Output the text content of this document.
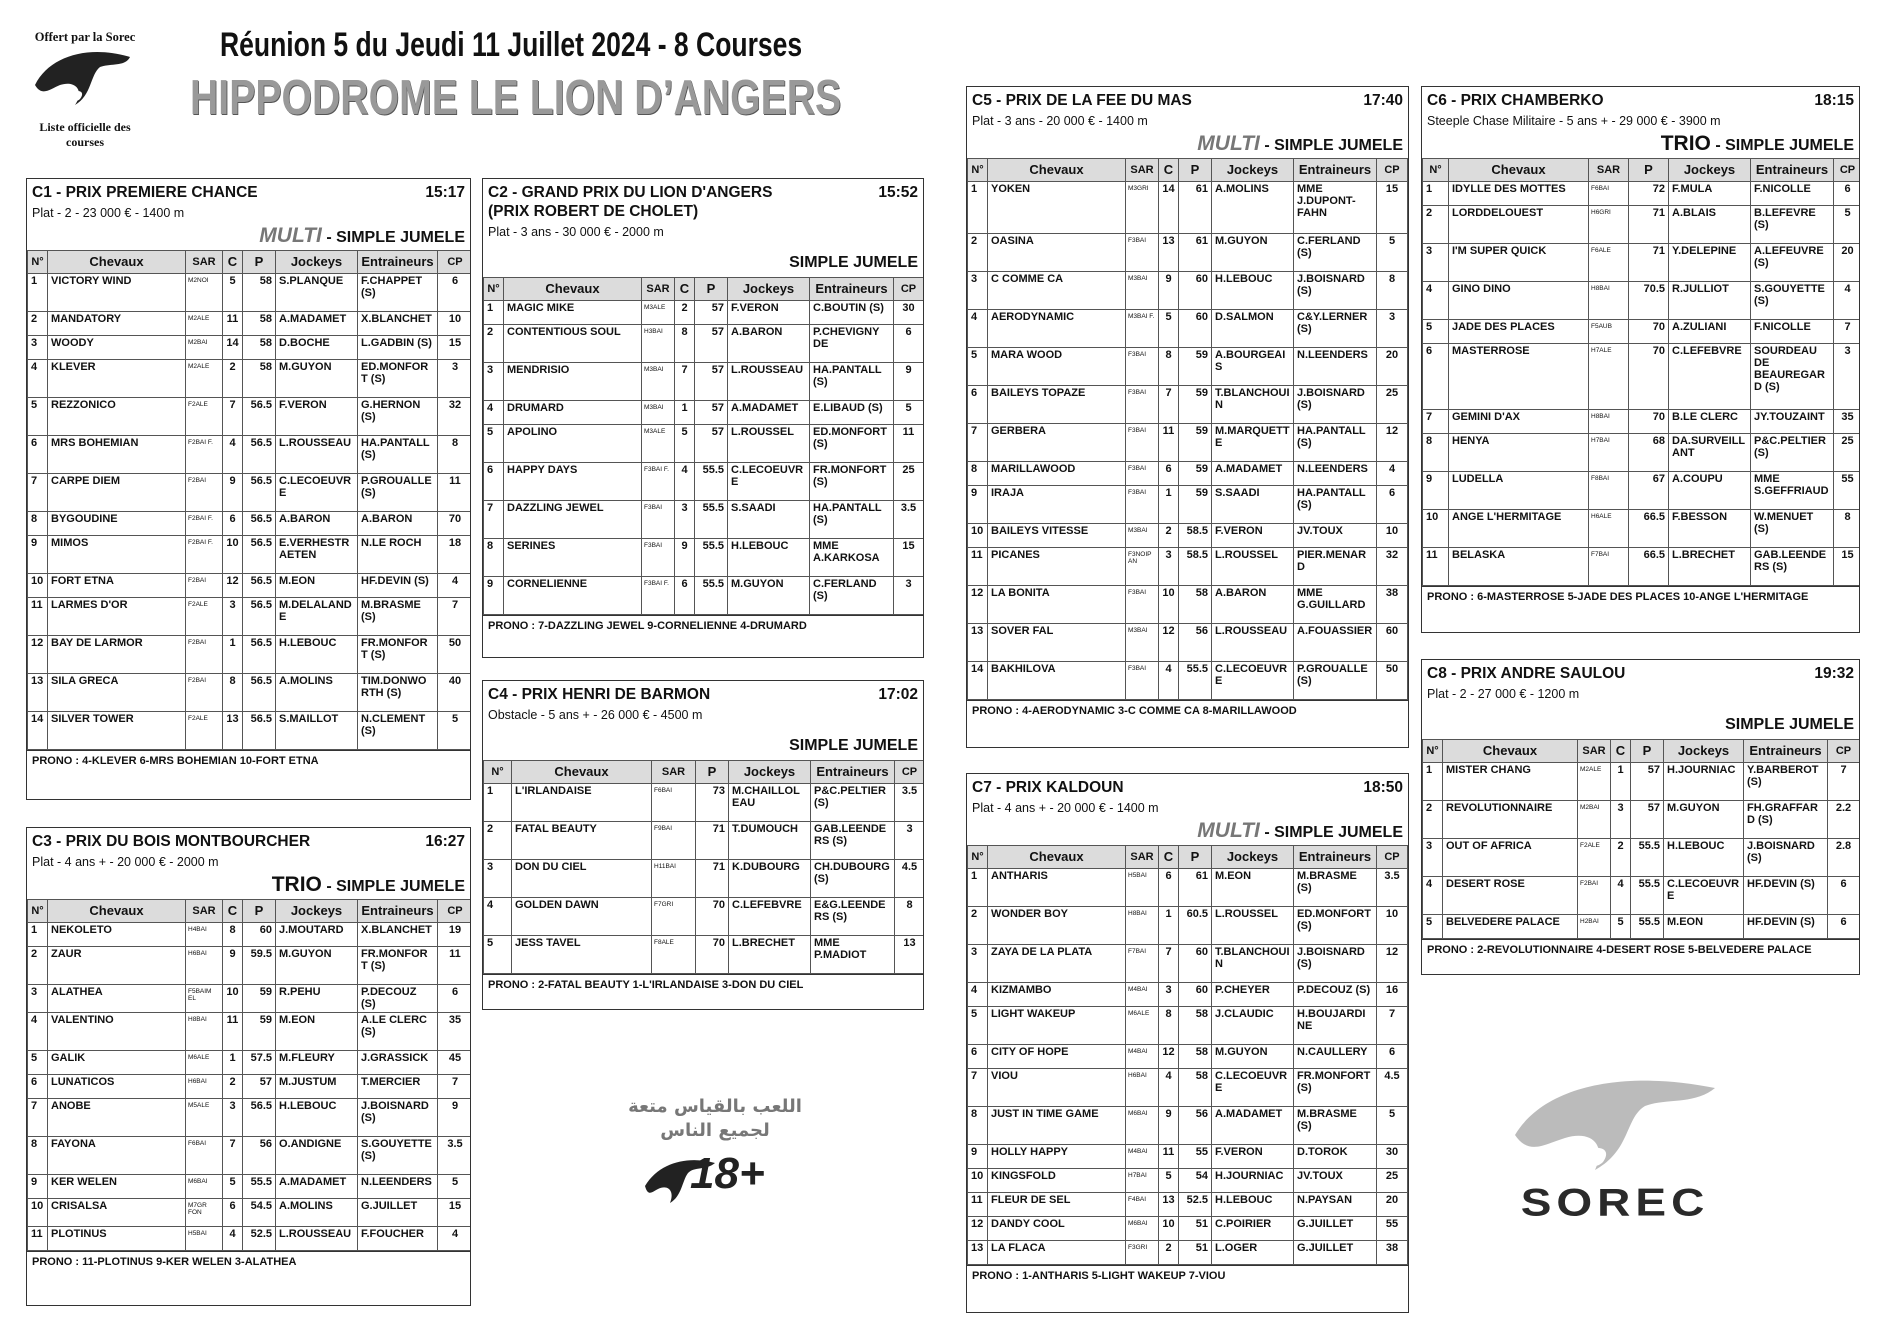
Offert par la Sorec
Liste officielle des courses
Réunion 5 du Jeudi 11 Juillet 2024 - 8 Courses
HIPPODROME LE LION D’ANGERS
C1 - PRIX PREMIERE CHANCE	15:17
Plat - 2 - 23 000 € - 1400 m
MULTI - SIMPLE JUMELE
N°	Chevaux	SAR	C	P	Jockeys	Entraineurs	CP
1	VICTORY WIND	M2NOI	5	58	S.PLANQUE	F.CHAPPET (S)	6
2	MANDATORY	M2ALE	11	58	A.MADAMET	X.BLANCHET	10
3	WOODY	M2BAI	14	58	D.BOCHE	L.GADBIN (S)	15
4	KLEVER	M2ALE	2	58	M.GUYON	ED.MONFORT (S)	3
5	REZZONICO	F2ALE	7	56.5	F.VERON	G.HERNON (S)	32
6	MRS BOHEMIAN	F2BAI F.	4	56.5	L.ROUSSEAU	HA.PANTALL (S)	8
7	CARPE DIEM	F2BAI	9	56.5	C.LECOEUVRE	P.GROUALLE (S)	11
8	BYGOUDINE	F2BAI F.	6	56.5	A.BARON	A.BARON	70
9	MIMOS	F2BAI F.	10	56.5	E.VERHESTRAETEN	N.LE ROCH	18
10	FORT ETNA	F2BAI	12	56.5	M.EON	HF.DEVIN (S)	4
11	LARMES D'OR	F2ALE	3	56.5	M.DELALANDE	M.BRASME (S)	7
12	BAY DE LARMOR	F2BAI	1	56.5	H.LEBOUC	FR.MONFORT (S)	50
13	SILA GRECA	F2BAI	8	56.5	A.MOLINS	TIM.DONWORTH (S)	40
14	SILVER TOWER	F2ALE	13	56.5	S.MAILLOT	N.CLEMENT (S)	5
PRONO : 4-KLEVER 6-MRS BOHEMIAN 10-FORT ETNA
C3 - PRIX DU BOIS MONTBOURCHER	16:27
Plat - 4 ans + - 20 000 € - 2000 m
TRIO - SIMPLE JUMELE
N°	Chevaux	SAR	C	P	Jockeys	Entraineurs	CP
1	NEKOLETO	H4BAI	8	60	J.MOUTARD	X.BLANCHET	19
2	ZAUR	H6BAI	9	59.5	M.GUYON	FR.MONFORT (S)	11
3	ALATHEA	F5BAIM EL	10	59	R.PEHU	P.DECOUZ (S)	6
4	VALENTINO	H8BAI	11	59	M.EON	A.LE CLERC (S)	35
5	GALIK	M6ALE	1	57.5	M.FLEURY	J.GRASSICK	45
6	LUNATICOS	H6BAI	2	57	M.JUSTUM	T.MERCIER	7
7	ANOBE	M5ALE	3	56.5	H.LEBOUC	J.BOISNARD (S)	9
8	FAYONA	F6BAI	7	56	O.ANDIGNE	S.GOUYETTE (S)	3.5
9	KER WELEN	M6BAI	5	55.5	A.MADAMET	N.LEENDERS	5
10	CRISALSA	M7GR FON	6	54.5	A.MOLINS	G.JUILLET	15
11	PLOTINUS	H5BAI	4	52.5	L.ROUSSEAU	F.FOUCHER	4
PRONO : 11-PLOTINUS 9-KER WELEN 3-ALATHEA
C2 - GRAND PRIX DU LION D'ANGERS
(PRIX ROBERT DE CHOLET)
15:52
Plat - 3 ans - 30 000 € - 2000 m
SIMPLE JUMELE
N°	Chevaux	SAR	C	P	Jockeys	Entraineurs	CP
1	MAGIC MIKE	M3ALE	2	57	F.VERON	C.BOUTIN (S)	30
2	CONTENTIOUS SOUL	H3BAI	8	57	A.BARON	P.CHEVIGNY DE	6
3	MENDRISIO	M3BAI	7	57	L.ROUSSEAU	HA.PANTALL (S)	9
4	DRUMARD	M3BAI	1	57	A.MADAMET	E.LIBAUD (S)	5
5	APOLINO	M3ALE	5	57	L.ROUSSEL	ED.MONFORT (S)	11
6	HAPPY DAYS	F3BAI F.	4	55.5	C.LECOEUVRE	FR.MONFORT (S)	25
7	DAZZLING JEWEL	F3BAI	3	55.5	S.SAADI	HA.PANTALL (S)	3.5
8	SERINES	F3BAI	9	55.5	H.LEBOUC	MME A.KARKOSA	15
9	CORNELIENNE	F3BAI F.	6	55.5	M.GUYON	C.FERLAND (S)	3
PRONO : 7-DAZZLING JEWEL 9-CORNELIENNE 4-DRUMARD
C4 - PRIX HENRI DE BARMON	17:02
Obstacle - 5 ans + - 26 000 € - 4500 m
SIMPLE JUMELE
N°	Chevaux	SAR	P	Jockeys	Entraineurs	CP
1	L'IRLANDAISE	F6BAI	73	M.CHAILLOLEAU	P&C.PELTIER (S)	3.5
2	FATAL BEAUTY	F9BAI	71	T.DUMOUCH	GAB.LEENDERS (S)	3
3	DON DU CIEL	H11BAI	71	K.DUBOURG	CH.DUBOURG (S)	4.5
4	GOLDEN DAWN	F7GRI	70	C.LEFEBVRE	E&G.LEENDERS (S)	8
5	JESS TAVEL	F8ALE	70	L.BRECHET	MME P.MADIOT	13
PRONO : 2-FATAL BEAUTY 1-L'IRLANDAISE 3-DON DU CIEL
اللعب بالقياس متعة لجميع الناس
18+
C5 - PRIX DE LA FEE DU MAS	17:40
Plat - 3 ans - 20 000 € - 1400 m
MULTI - SIMPLE JUMELE
N°	Chevaux	SAR	C	P	Jockeys	Entraineurs	CP
1	YOKEN	M3GRI	14	61	A.MOLINS	MME J.DUPONT-FAHN	15
2	OASINA	F3BAI	13	61	M.GUYON	C.FERLAND (S)	5
3	C COMME CA	M3BAI	9	60	H.LEBOUC	J.BOISNARD (S)	8
4	AERODYNAMIC	M3BAI F.	5	60	D.SALMON	C&Y.LERNER (S)	3
5	MARA WOOD	F3BAI	8	59	A.BOURGEAIS	N.LEENDERS	20
6	BAILEYS TOPAZE	F3BAI	7	59	T.BLANCHOUIN	J.BOISNARD (S)	25
7	GERBERA	F3BAI	11	59	M.MARQUETTE	HA.PANTALL (S)	12
8	MARILLAWOOD	F3BAI	6	59	A.MADAMET	N.LEENDERS	4
9	IRAJA	F3BAI	1	59	S.SAADI	HA.PANTALL (S)	6
10	BAILEYS VITESSE	M3BAI	2	58.5	F.VERON	JV.TOUX	10
11	PICANES	F3NOIP AN	3	58.5	L.ROUSSEL	PIER.MENARD	32
12	LA BONITA	F3BAI	10	58	A.BARON	MME G.GUILLARD	38
13	SOVER FAL	M3BAI	12	56	L.ROUSSEAU	A.FOUASSIER	60
14	BAKHILOVA	F3BAI	4	55.5	C.LECOEUVRE	P.GROUALLE (S)	50
PRONO : 4-AERODYNAMIC 3-C COMME CA 8-MARILLAWOOD
C7 - PRIX KALDOUN	18:50
Plat - 4 ans + - 20 000 € - 1400 m
MULTI - SIMPLE JUMELE
N°	Chevaux	SAR	C	P	Jockeys	Entraineurs	CP
1	ANTHARIS	H5BAI	6	61	M.EON	M.BRASME (S)	3.5
2	WONDER BOY	H8BAI	1	60.5	L.ROUSSEL	ED.MONFORT (S)	10
3	ZAYA DE LA PLATA	F7BAI	7	60	T.BLANCHOUIN	J.BOISNARD (S)	12
4	KIZMAMBO	M4BAI	3	60	P.CHEYER	P.DECOUZ (S)	16
5	LIGHT WAKEUP	M6ALE	8	58	J.CLAUDIC	H.BOUJARDINE	7
6	CITY OF HOPE	M4BAI	12	58	M.GUYON	N.CAULLERY	6
7	VIOU	H6BAI	4	58	C.LECOEUVRE	FR.MONFORT (S)	4.5
8	JUST IN TIME GAME	M6BAI	9	56	A.MADAMET	M.BRASME (S)	5
9	HOLLY HAPPY	M4BAI	11	55	F.VERON	D.TOROK	30
10	KINGSFOLD	H7BAI	5	54	H.JOURNIAC	JV.TOUX	25
11	FLEUR DE SEL	F4BAI	13	52.5	H.LEBOUC	N.PAYSAN	20
12	DANDY COOL	M6BAI	10	51	C.POIRIER	G.JUILLET	55
13	LA FLACA	F3GRI	2	51	L.OGER	G.JUILLET	38
PRONO : 1-ANTHARIS 5-LIGHT WAKEUP 7-VIOU
C6 - PRIX CHAMBERKO	18:15
Steeple Chase Militaire - 5 ans + - 29 000 € - 3900 m
TRIO - SIMPLE JUMELE
N°	Chevaux	SAR	P	Jockeys	Entraineurs	CP
1	IDYLLE DES MOTTES	F6BAI	72	F.MULA	F.NICOLLE	6
2	LORDDELOUEST	H6GRI	71	A.BLAIS	B.LEFEVRE (S)	5
3	I'M SUPER QUICK	F6ALE	71	Y.DELEPINE	A.LEFEUVRE (S)	20
4	GINO DINO	H8BAI	70.5	R.JULLIOT	S.GOUYETTE (S)	4
5	JADE DES PLACES	F5AUB	70	A.ZULIANI	F.NICOLLE	7
6	MASTERROSE	H7ALE	70	C.LEFEBVRE	SOURDEAU DE BEAUREGARD (S)	3
7	GEMINI D'AX	H8BAI	70	B.LE CLERC	JY.TOUZAINT	35
8	HENYA	H7BAI	68	DA.SURVEILLANT	P&C.PELTIER (S)	25
9	LUDELLA	F8BAI	67	A.COUPU	MME S.GEFFRIAUD	55
10	ANGE L'HERMITAGE	H6ALE	66.5	F.BESSON	W.MENUET (S)	8
11	BELASKA	F7BAI	66.5	L.BRECHET	GAB.LEENDERS (S)	15
PRONO : 6-MASTERROSE 5-JADE DES PLACES 10-ANGE L'HERMITAGE
C8 - PRIX ANDRE SAULOU	19:32
Plat - 2 - 27 000 € - 1200 m
SIMPLE JUMELE
N°	Chevaux	SAR	C	P	Jockeys	Entraineurs	CP
1	MISTER CHANG	M2ALE	1	57	H.JOURNIAC	Y.BARBEROT (S)	7
2	REVOLUTIONNAIRE	M2BAI	3	57	M.GUYON	FH.GRAFFARD (S)	2.2
3	OUT OF AFRICA	F2ALE	2	55.5	H.LEBOUC	J.BOISNARD (S)	2.8
4	DESERT ROSE	F2BAI	4	55.5	C.LECOEUVRE	HF.DEVIN (S)	6
5	BELVEDERE PALACE	H2BAI	5	55.5	M.EON	HF.DEVIN (S)	6
PRONO : 2-REVOLUTIONNAIRE 4-DESERT ROSE 5-BELVEDERE PALACE
SOREC
